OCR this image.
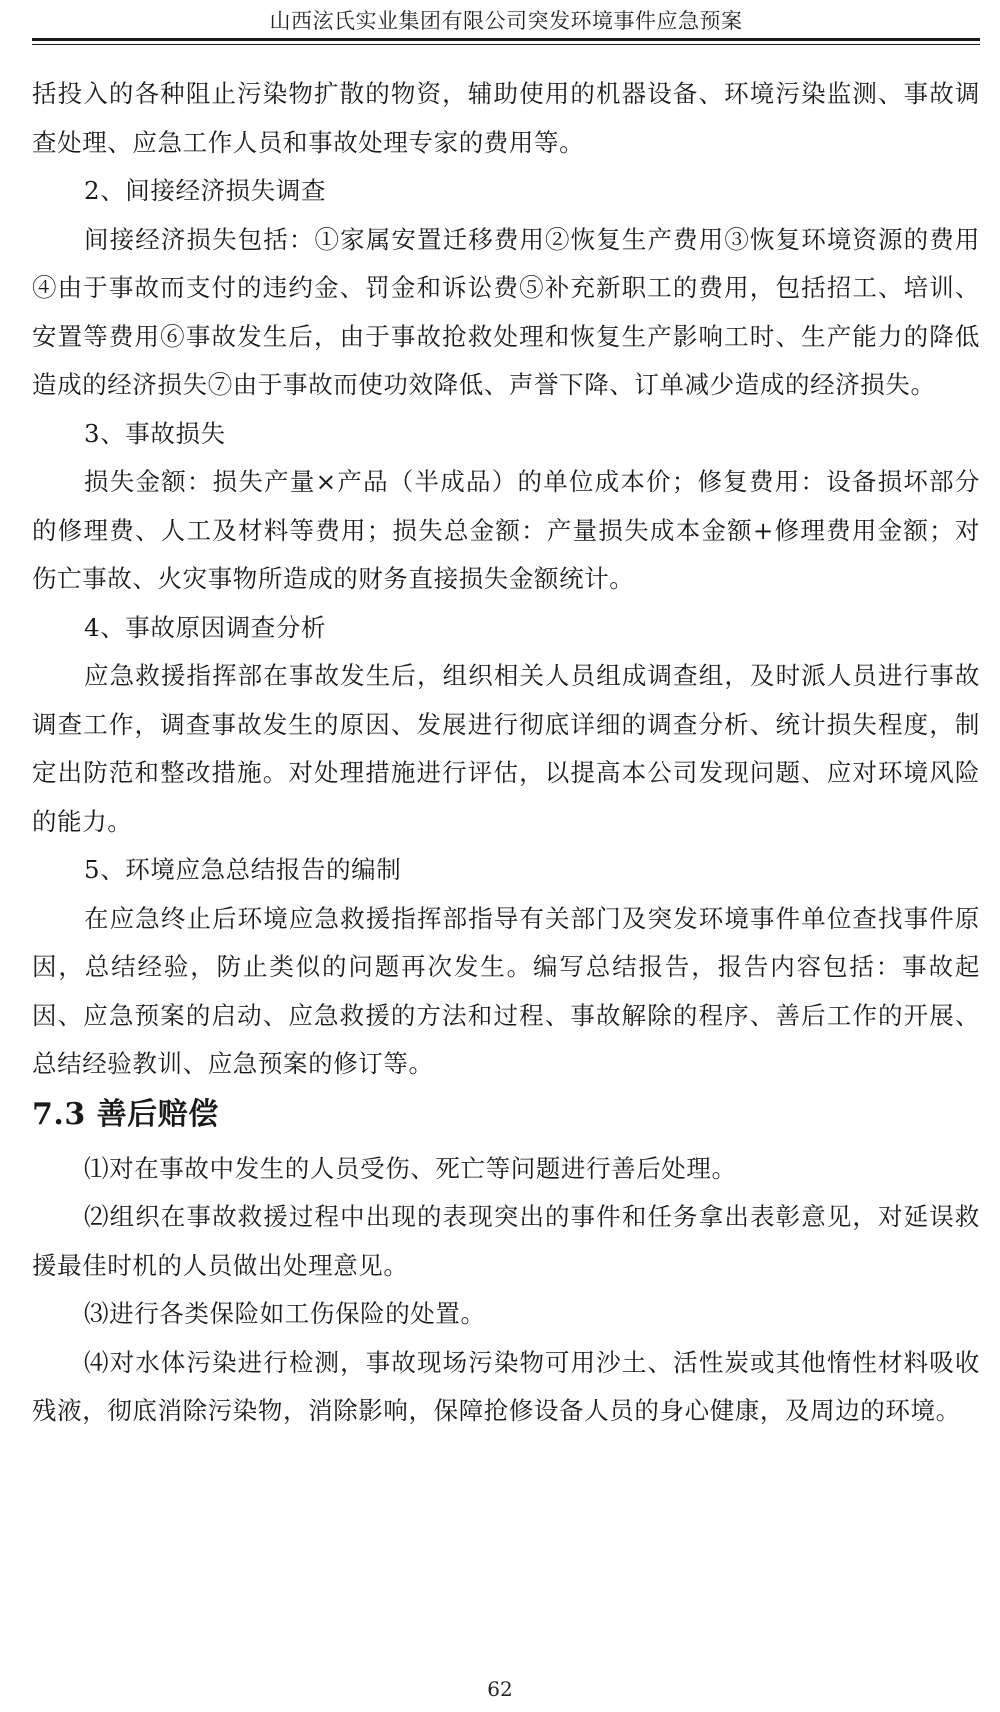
山西泫氏实业集团有限公司突发环境事件应急预案

括投入的各种阻止污染物扩散的物资，辅助使用的机器设备、环境污染监测、事故调查处理、应急工作人员和事故处理专家的费用等。

2、间接经济损失调查

间接经济损失包括：①家属安置迁移费用②恢复生产费用③恢复环境资源的费用④由于事故而支付的违约金、罚金和诉讼费⑤补充新职工的费用，包括招工、培训、安置等费用⑥事故发生后，由于事故抢救处理和恢复生产影响工时、生产能力的降低造成的经济损失⑦由于事故而使功效降低、声誉下降、订单减少造成的经济损失。

3、事故损失

损失金额：损失产量×产品（半成品）的单位成本价；修复费用：设备损坏部分的修理费、人工及材料等费用；损失总金额：产量损失成本金额+修理费用金额；对伤亡事故、火灾事物所造成的财务直接损失金额统计。

4、事故原因调查分析

应急救援指挥部在事故发生后，组织相关人员组成调查组，及时派人员进行事故调查工作，调查事故发生的原因、发展进行彻底详细的调查分析、统计损失程度，制定出防范和整改措施。对处理措施进行评估，以提高本公司发现问题、应对环境风险的能力。

5、环境应急总结报告的编制

在应急终止后环境应急救援指挥部指导有关部门及突发环境事件单位查找事件原因，总结经验，防止类似的问题再次发生。编写总结报告，报告内容包括：事故起因、应急预案的启动、应急救援的方法和过程、事故解除的程序、善后工作的开展、总结经验教训、应急预案的修订等。

7.3 善后赔偿

⑴对在事故中发生的人员受伤、死亡等问题进行善后处理。

⑵组织在事故救援过程中出现的表现突出的事件和任务拿出表彰意见，对延误救援最佳时机的人员做出处理意见。

⑶进行各类保险如工伤保险的处置。

⑷对水体污染进行检测，事故现场污染物可用沙土、活性炭或其他惰性材料吸收残液，彻底消除污染物，消除影响，保障抢修设备人员的身心健康，及周边的环境。

62
